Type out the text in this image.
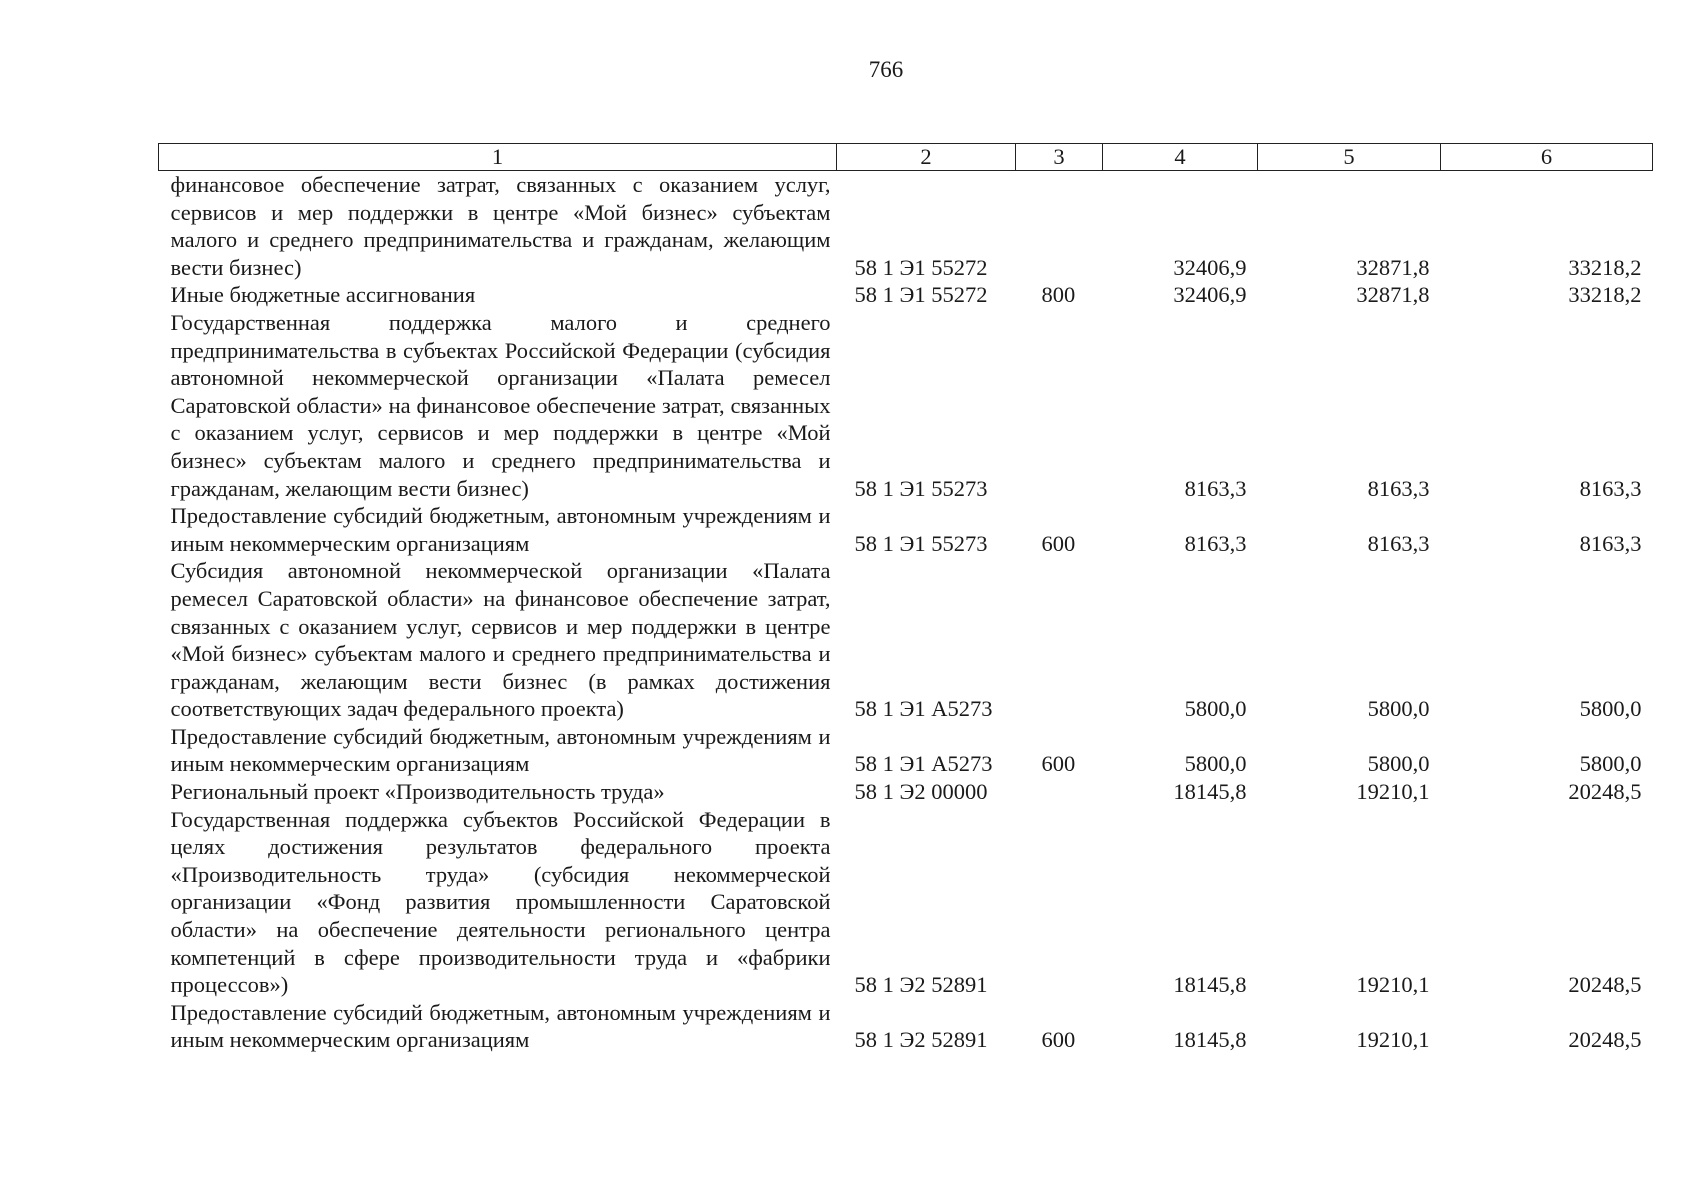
766
1	2	3	4	5	6
финансовое обеспечение затрат, связанных с оказанием услуг, сервисов и мер поддержки в центре «Мой бизнес» субъектам малого и среднего предпринимательства и гражданам, желающим вести бизнес)	58 1 Э1 55272		32406,9	32871,8	33218,2
Иные бюджетные ассигнования	58 1 Э1 55272	800	32406,9	32871,8	33218,2
Государственная поддержка малого и среднего предпринимательства в субъектах Российской Федерации (субсидия автономной некоммерческой организации «Палата ремесел Саратовской области» на финансовое обеспечение затрат, связанных с оказанием услуг, сервисов и мер поддержки в центре «Мой бизнес» субъектам малого и среднего предпринимательства и гражданам, желающим вести бизнес)	58 1 Э1 55273		8163,3	8163,3	8163,3
Предоставление субсидий бюджетным, автономным учреждениям и иным некоммерческим организациям	58 1 Э1 55273	600	8163,3	8163,3	8163,3
Субсидия автономной некоммерческой организации «Палата ремесел Саратовской области» на финансовое обеспечение затрат, связанных с оказанием услуг, сервисов и мер поддержки в центре «Мой бизнес» субъектам малого и среднего предпринимательства и гражданам, желающим вести бизнес (в рамках достижения соответствующих задач федерального проекта)	58 1 Э1 А5273		5800,0	5800,0	5800,0
Предоставление субсидий бюджетным, автономным учреждениям и иным некоммерческим организациям	58 1 Э1 А5273	600	5800,0	5800,0	5800,0
Региональный проект «Производительность труда»	58 1 Э2 00000		18145,8	19210,1	20248,5
Государственная поддержка субъектов Российской Федерации в целях достижения результатов федерального проекта «Производительность труда» (субсидия некоммерческой организации «Фонд развития промышленности Саратовской области» на обеспечение деятельности регионального центра компетенций в сфере производительности труда и «фабрики процессов»)	58 1 Э2 52891		18145,8	19210,1	20248,5
Предоставление субсидий бюджетным, автономным учреждениям и иным некоммерческим организациям	58 1 Э2 52891	600	18145,8	19210,1	20248,5
